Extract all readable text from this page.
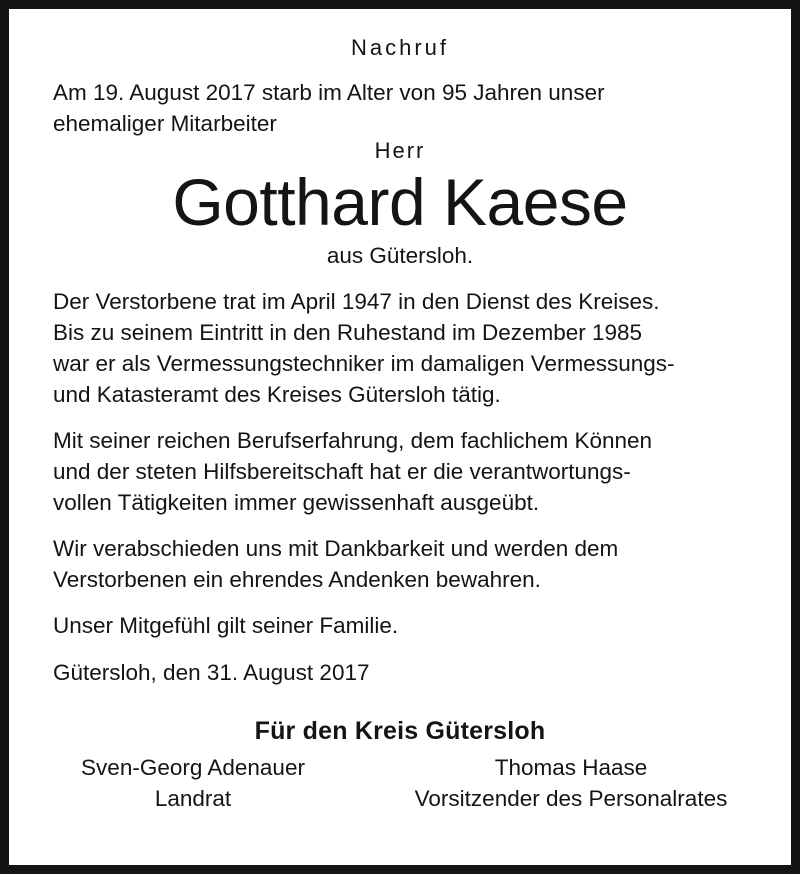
Nachruf

Am 19. August 2017 starb im Alter von 95 Jahren unser

ehemaliger Mitarbeiter

Herr
Gotthard Kaese
aus Gütersloh.

Der Verstorbene trat im April 1947 in den Dienst des Kreises.

Bis zu seinem Eintritt in den Ruhestand im Dezember 1985

war er als Vermessungstechniker im damaligen Vermessungs-

und Katasteramt des Kreises Gütersloh tätig.

Mit seiner reichen Berufserfahrung, dem fachlichem Können

und der steten Hilfsbereitschaft hat er die verantwortungs-

vollen Tätigkeiten immer gewissenhaft ausgeübt.

Wir verabschieden uns mit Dankbarkeit und werden dem

Verstorbenen ein ehrendes Andenken bewahren.

Unser Mitgefühl gilt seiner Familie.

Gütersloh, den 31. August 2017

Für den Kreis Gütersloh
Sven-Georg Adenauer
Landrat
Thomas Haase
Vorsitzender des Personalrates
